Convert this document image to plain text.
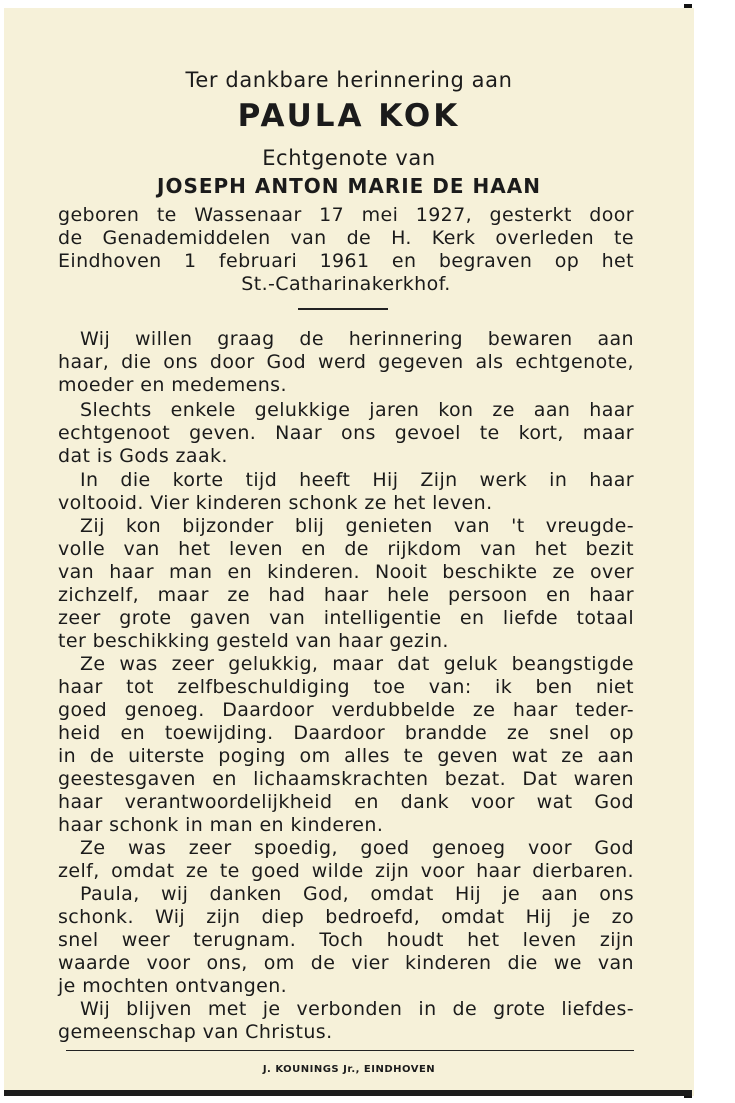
Ter dankbare herinnering aan
PAULA KOK
Echtgenote van
JOSEPH ANTON MARIE DE HAAN
geboren te Wassenaar 17 mei 1927, gesterkt door
de Genademiddelen van de H. Kerk overleden te
Eindhoven 1 februari 1961 en begraven op het
St.-Catharinakerkhof.
Wij willen graag de herinnering bewaren aan
haar, die ons door God werd gegeven als echtgenote,
moeder en medemens.
Slechts enkele gelukkige jaren kon ze aan haar
echtgenoot geven. Naar ons gevoel te kort, maar
dat is Gods zaak.
In die korte tijd heeft Hij Zijn werk in haar
voltooid. Vier kinderen schonk ze het leven.
Zij kon bijzonder blij genieten van 't vreugde-
volle van het leven en de rijkdom van het bezit
van haar man en kinderen. Nooit beschikte ze over
zichzelf, maar ze had haar hele persoon en haar
zeer grote gaven van intelligentie en liefde totaal
ter beschikking gesteld van haar gezin.
Ze was zeer gelukkig, maar dat geluk beangstigde
haar tot zelfbeschuldiging toe van: ik ben niet
goed genoeg. Daardoor verdubbelde ze haar teder-
heid en toewijding. Daardoor brandde ze snel op
in de uiterste poging om alles te geven wat ze aan
geestesgaven en lichaamskrachten bezat. Dat waren
haar verantwoordelijkheid en dank voor wat God
haar schonk in man en kinderen.
Ze was zeer spoedig, goed genoeg voor God
zelf, omdat ze te goed wilde zijn voor haar dierbaren.
Paula, wij danken God, omdat Hij je aan ons
schonk. Wij zijn diep bedroefd, omdat Hij je zo
snel weer terugnam. Toch houdt het leven zijn
waarde voor ons, om de vier kinderen die we van
je mochten ontvangen.
Wij blijven met je verbonden in de grote liefdes-
gemeenschap van Christus.
J. KOUNINGS Jr., EINDHOVEN
